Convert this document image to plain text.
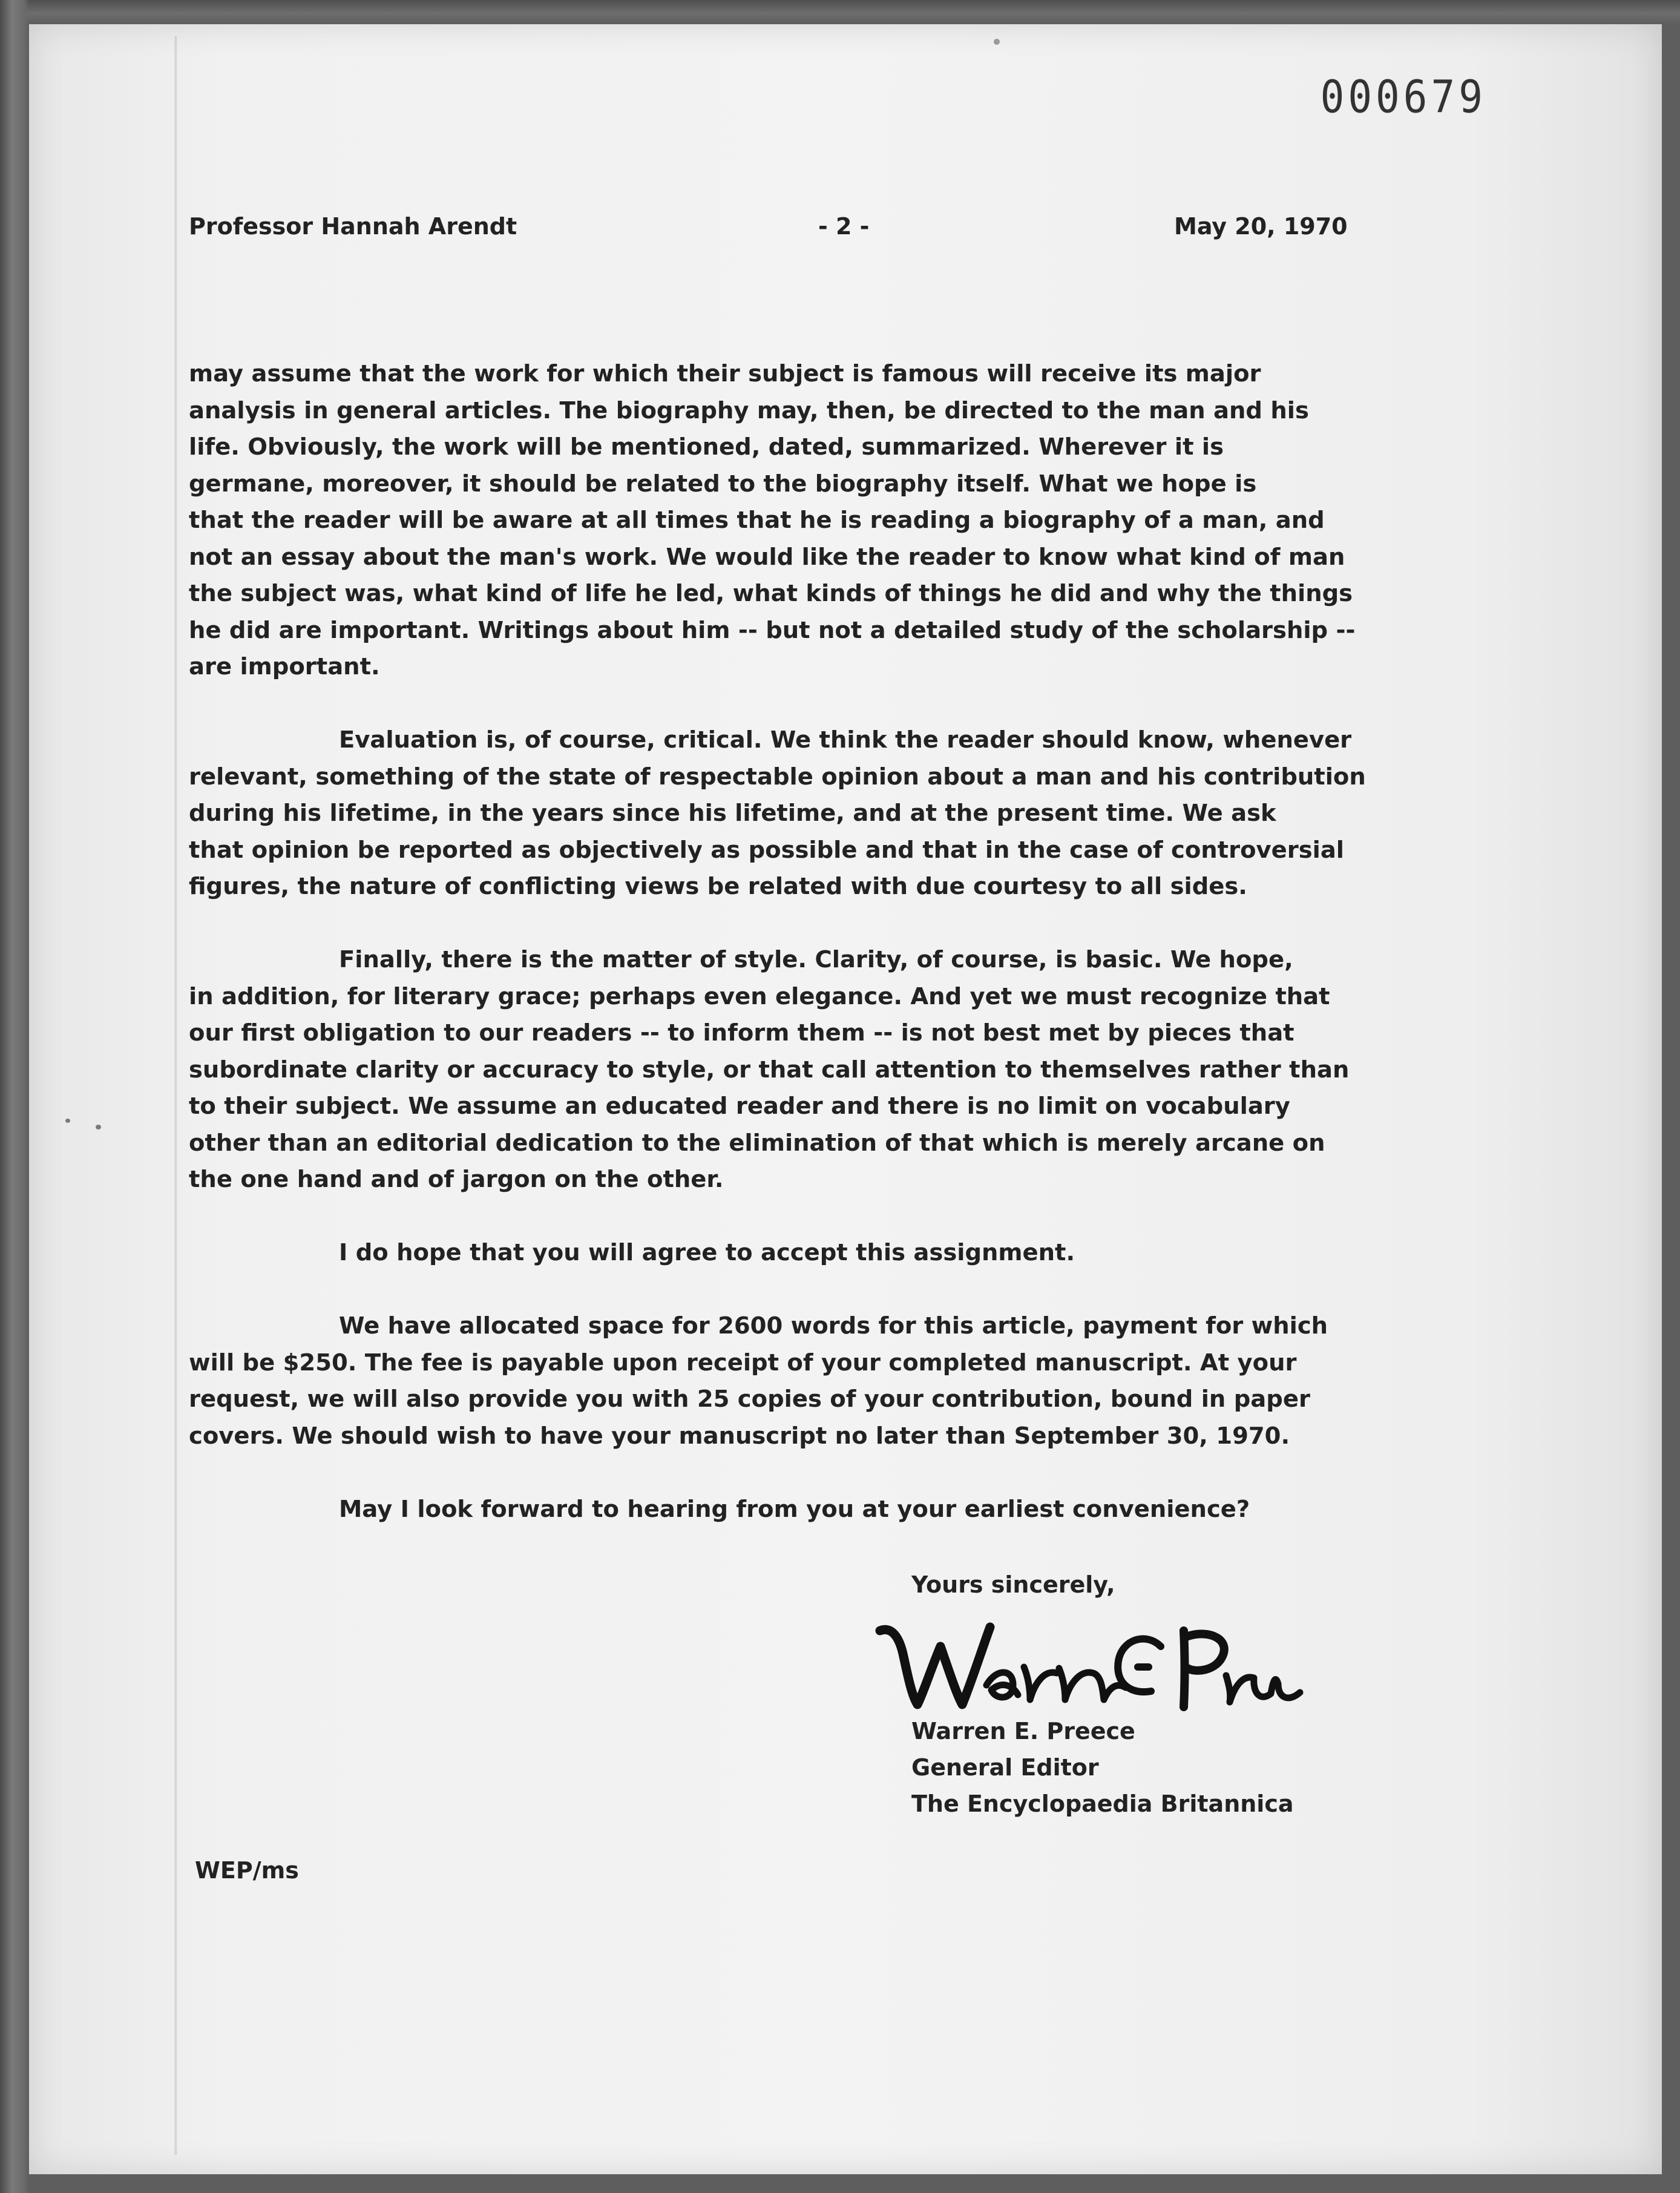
000679
Professor Hannah Arendt	- 2 -	May 20, 1970

may assume that the work for which their subject is famous will receive its major
analysis in general articles. The biography may, then, be directed to the man and his
life. Obviously, the work will be mentioned, dated, summarized. Wherever it is
germane, moreover, it should be related to the biography itself. What we hope is
that the reader will be aware at all times that he is reading a biography of a man, and
not an essay about the man's work. We would like the reader to know what kind of man
the subject was, what kind of life he led, what kinds of things he did and why the things
he did are important. Writings about him -- but not a detailed study of the scholarship --
are important.

Evaluation is, of course, critical. We think the reader should know, whenever
relevant, something of the state of respectable opinion about a man and his contribution
during his lifetime, in the years since his lifetime, and at the present time. We ask
that opinion be reported as objectively as possible and that in the case of controversial
figures, the nature of conflicting views be related with due courtesy to all sides.

Finally, there is the matter of style. Clarity, of course, is basic. We hope,
in addition, for literary grace; perhaps even elegance. And yet we must recognize that
our first obligation to our readers -- to inform them -- is not best met by pieces that
subordinate clarity or accuracy to style, or that call attention to themselves rather than
to their subject. We assume an educated reader and there is no limit on vocabulary
other than an editorial dedication to the elimination of that which is merely arcane on
the one hand and of jargon on the other.

I do hope that you will agree to accept this assignment.

We have allocated space for 2600 words for this article, payment for which
will be $250. The fee is payable upon receipt of your completed manuscript. At your
request, we will also provide you with 25 copies of your contribution, bound in paper
covers. We should wish to have your manuscript no later than September 30, 1970.

May I look forward to hearing from you at your earliest convenience?

Yours sincerely,
Warren E. Preece
General Editor
The Encyclopaedia Britannica
WEP/ms
